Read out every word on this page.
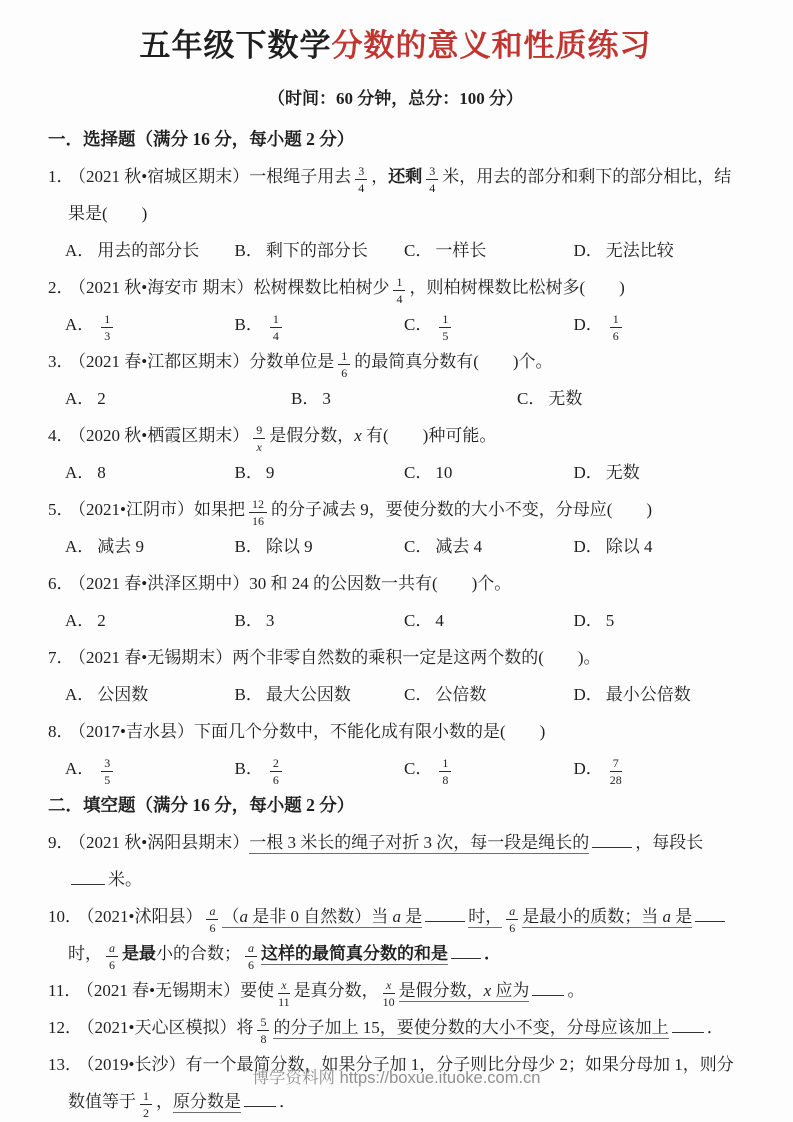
五年级下数学分数的意义和性质练习
（时间：60 分钟，总分：100 分）
一．选择题（满分 16 分，每小题 2 分）
1． （2021 秋•宿城区期末）一根绳子用去 $\frac{3}{4}$ ，还剩 $\frac{3}{4}$ 米，用去的部分和剩下的部分相比，结果是(　　)
A． 用去的部分长	B． 剩下的部分长	C． 一样长	D． 无法比较
2． （2021 秋•海安市 期末）松树棵数比柏树少 $\frac{1}{4}$ ，则柏树棵数比松树多(　　)
A． $\frac{1}{3}$	B． $\frac{1}{4}$	C． $\frac{1}{5}$	D． $\frac{1}{6}$
3． （2021 春•江都区期末）分数单位是 $\frac{1}{6}$ 的最简真分数有(　　)个。
A． 2	B． 3	C． 无数
4． （2020 秋•栖霞区期末） $\frac{9}{x}$ 是假分数，x 有(　　)种可能。
A． 8	B． 9	C． 10	D． 无数
5． （2021•江阴市）如果把 $\frac{12}{16}$ 的分子减去 9，要使分数的大小不变，分母应(　　)
A． 减去 9	B． 除以 9	C． 减去 4	D． 除以 4
6． （2021 春•洪泽区期中）30 和 24 的公因数一共有(　　)个。
A． 2	B． 3	C． 4	D． 5
7． （2021 春•无锡期末）两个非零自然数的乘积一定是这两个数的(　　)。
A． 公因数	B． 最大公因数	C． 公倍数	D． 最小公倍数
8． （2017•吉水县）下面几个分数中，不能化成有限小数的是(　　)
A． $\frac{3}{5}$	B． $\frac{2}{6}$	C． $\frac{1}{8}$	D． $\frac{7}{28}$
二．填空题（满分 16 分，每小题 2 分）
9． （2021 秋•涡阳县期末）一根 3 米长的绳子对折 3 次，每一段是绳长的	，每段长米。
10． （2021•沭阳县） $\frac{a}{6} (a$ 是非 0 自然数）当 a 是	时， $\frac{a}{6}$ 是最小的质数；当 a 是时， $\frac{a}{6}$ 是最小的合数； $\frac{a}{6}$ 这样的最简真分数的和是 ．
11． （2021 春•无锡期末）要使 $\frac{x}{11}$ 是真分数， $\frac{x}{10}$ 是假分数，x 应为 。
12． （2021•天心区模拟）将 $\frac{5}{8}$ 的分子加上 15，要使分数的大小不变，分母应该加上 ．
13． （2019•长沙）有一个最简分数，如果分子加 1，分子则比分母少 2；如果分母加 1，则分数值等于 $\frac{1}{2}$ ，原分数是 ．
博学资料网 https://boxue.ituoke.com.cn
